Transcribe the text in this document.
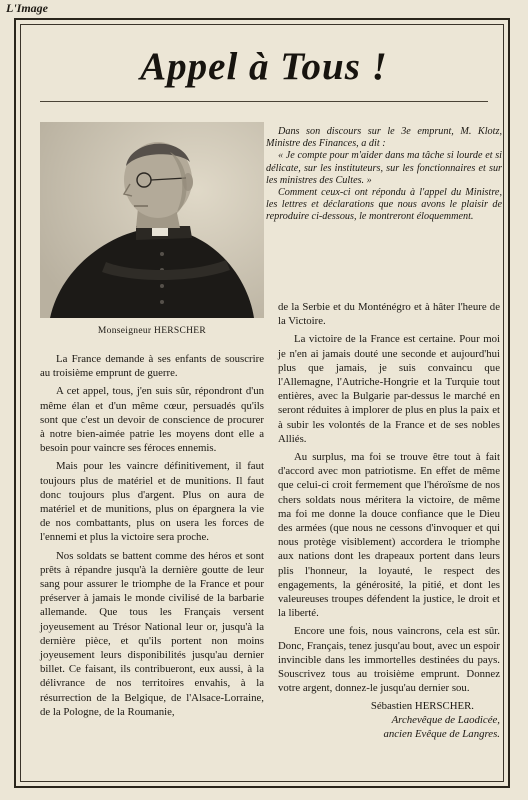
L'Image
Appel à Tous !
Monseigneur HERSCHER

Dans son discours sur le 3e emprunt, M. Klotz, Ministre des Finances, a dit :

« Je compte pour m'aider dans ma tâche si lourde et si délicate, sur les instituteurs, sur les fonctionnaires et sur les ministres des Cultes. »

Comment ceux-ci ont répondu à l'appel du Ministre, les lettres et déclarations que nous avons le plaisir de reproduire ci-dessous, le montreront éloquemment.

La France demande à ses enfants de souscrire au troisième emprunt de guerre.

A cet appel, tous, j'en suis sûr, répondront d'un même élan et d'un même cœur, persuadés qu'ils sont que c'est un devoir de conscience de procurer à notre bien-aimée patrie les moyens dont elle a besoin pour vaincre ses féroces ennemis.

Mais pour les vaincre définitivement, il faut toujours plus de matériel et de munitions. Il faut donc toujours plus d'argent. Plus on aura de matériel et de munitions, plus on épargnera la vie de nos combattants, plus on usera les forces de l'ennemi et plus la victoire sera proche.

Nos soldats se battent comme des héros et sont prêts à répandre jusqu'à la dernière goutte de leur sang pour assurer le triomphe de la France et pour préserver à jamais le monde civilisé de la barbarie allemande. Que tous les Français versent joyeusement au Trésor National leur or, jusqu'à la dernière pièce, et qu'ils portent non moins joyeusement leurs disponibilités jusqu'au dernier billet. Ce faisant, ils contribueront, eux aussi, à la délivrance de nos territoires envahis, à la résurrection de la Belgique, de l'Alsace-Lorraine, de la Pologne, de la Roumanie,

de la Serbie et du Monténégro et à hâter l'heure de la Victoire.

La victoire de la France est certaine. Pour moi je n'en ai jamais douté une seconde et aujourd'hui plus que jamais, je suis convaincu que l'Allemagne, l'Autriche-Hongrie et la Turquie tout entières, avec la Bulgarie par-dessus le marché en seront réduites à implorer de plus en plus la paix et à subir les volontés de la France et de ses nobles Alliés.

Au surplus, ma foi se trouve être tout à fait d'accord avec mon patriotisme. En effet de même que celui-ci croit fermement que l'héroïsme de nos chers soldats nous méritera la victoire, de même ma foi me donne la douce confiance que le Dieu des armées (que nous ne cessons d'invoquer et qui nous protège visiblement) accordera le triomphe aux nations dont les drapeaux portent dans leurs plis l'honneur, la loyauté, le respect des engagements, la générosité, la pitié, et dont les valeureuses troupes défendent la justice, le droit et la liberté.

Encore une fois, nous vaincrons, cela est sûr. Donc, Français, tenez jusqu'au bout, avec un espoir invincible dans les immortelles destinées du pays. Souscrivez tous au troisième emprunt. Donnez votre argent, donnez-le jusqu'au dernier sou.

Sébastien HERSCHER.
Archevêque de Laodicée,
ancien Evêque de Langres.
